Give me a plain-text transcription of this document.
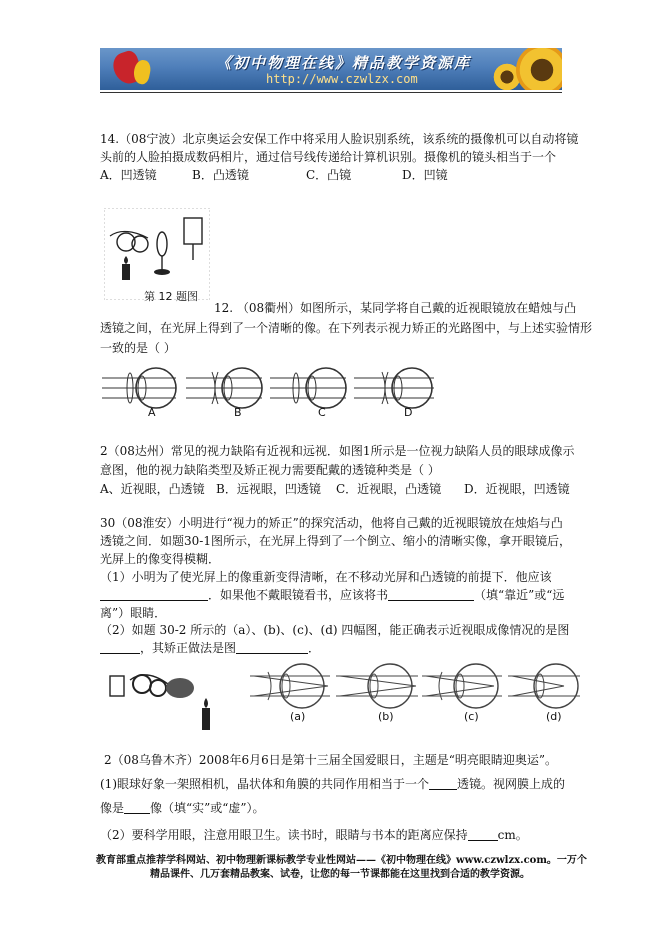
《初中物理在线》精品教学资源库
http://www.czwlzx.com
14.（08宁波）北京奥运会安保工作中将采用人脸识别系统，该系统的摄像机可以自动将镜
头前的人脸拍摄成数码相片，通过信号线传递给计算机识别。摄像机的镜头相当于一个
A．凹透镜	B．凸透镜	C．凸镜	D．凹镜
第 12 题图
12. （08衢州）如图所示，某同学将自己戴的近视眼镜放在蜡烛与凸
透镜之间，在光屏上得到了一个清晰的像。在下列表示视力矫正的光路图中，与上述实验情形
一致的是（ ）
A	B	C	D
2（08达州）常见的视力缺陷有近视和远视．如图1所示是一位视力缺陷人员的眼球成像示
意图，他的视力缺陷类型及矫正视力需要配戴的透镜种类是（ ）
A、近视眼，凸透镜 B．远视眼，凹透镜 C．近视眼，凸透镜 D．近视眼，凹透镜
30（08淮安）小明进行“视力的矫正”的探究活动，他将自己戴的近视眼镜放在烛焰与凸
透镜之间．如题30-1图所示，在光屏上得到了一个倒立、缩小的清晰实像，拿开眼镜后，
光屏上的像变得模糊．
（1）小明为了使光屏上的像重新变得清晰，在不移动光屏和凸透镜的前提下．他应该
．如果他不戴眼镜看书，应该将书	（填“靠近”或“远
离”）眼睛．
（2）如题 30-2 所示的（a）、(b)、(c)、(d) 四幅图，能正确表示近视眼成像情况的是图
，其矫正做法是图	．
(a)	(b)	(c)	(d)
2（08乌鲁木齐）2008年6月6日是第十三届全国爱眼日，主题是“明亮眼睛迎奥运”。
(1)眼球好象一架照相机，晶状体和角膜的共同作用相当于一个 透镜。视网膜上成的
像是 像（填“实”或“虚”）。
（2）要科学用眼，注意用眼卫生。读书时，眼睛与书本的距离应保持	cm。
教育部重点推荐学科网站、初中物理新课标教学专业性网站——《初中物理在线》www.czwlzx.com。一万个
精品课件、几万套精品教案、试卷，让您的每一节课都能在这里找到合适的教学资源。
